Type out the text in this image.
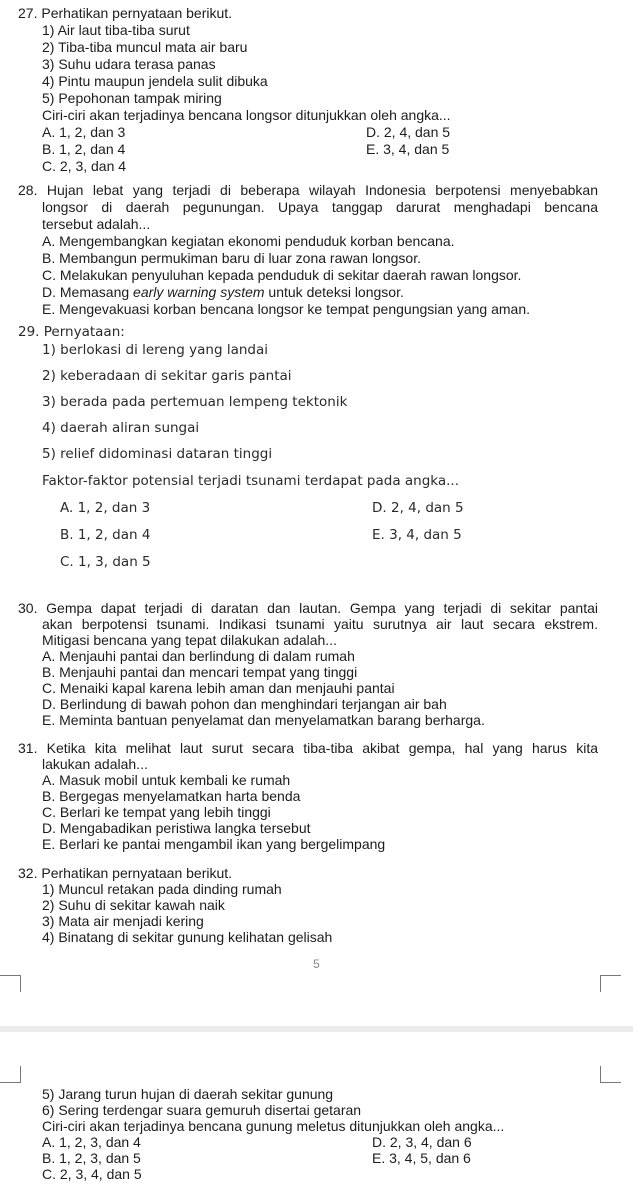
27. Perhatikan pernyataan berikut.
1) Air laut tiba-tiba surut
2) Tiba-tiba muncul mata air baru
3) Suhu udara terasa panas
4) Pintu maupun jendela sulit dibuka
5) Pepohonan tampak miring
Ciri-ciri akan terjadinya bencana longsor ditunjukkan oleh angka...
A. 1, 2, dan 3
B. 1, 2, dan 4
C. 2, 3, dan 4
D. 2, 4, dan 5
E. 3, 4, dan 5
28. Hujan lebat yang terjadi di beberapa wilayah Indonesia berpotensi menyebabkan
longsor di daerah pegunungan. Upaya tanggap darurat menghadapi bencana
tersebut adalah...
A. Mengembangkan kegiatan ekonomi penduduk korban bencana.
B. Membangun permukiman baru di luar zona rawan longsor.
C. Melakukan penyuluhan kepada penduduk di sekitar daerah rawan longsor.
D. Memasang early warning system untuk deteksi longsor.
E. Mengevakuasi korban bencana longsor ke tempat pengungsian yang aman.
29. Pernyataan:
1) berlokasi di lereng yang landai
2) keberadaan di sekitar garis pantai
3) berada pada pertemuan lempeng tektonik
4) daerah aliran sungai
5) relief didominasi dataran tinggi
Faktor-faktor potensial terjadi tsunami terdapat pada angka...
A. 1, 2, dan 3
B. 1, 2, dan 4
C. 1, 3, dan 5
D. 2, 4, dan 5
E. 3, 4, dan 5
30. Gempa dapat terjadi di daratan dan lautan. Gempa yang terjadi di sekitar pantai
akan berpotensi tsunami. Indikasi tsunami yaitu surutnya air laut secara ekstrem.
Mitigasi bencana yang tepat dilakukan adalah...
A. Menjauhi pantai dan berlindung di dalam rumah
B. Menjauhi pantai dan mencari tempat yang tinggi
C. Menaiki kapal karena lebih aman dan menjauhi pantai
D. Berlindung di bawah pohon dan menghindari terjangan air bah
E. Meminta bantuan penyelamat dan menyelamatkan barang berharga.
31. Ketika kita melihat laut surut secara tiba-tiba akibat gempa, hal yang harus kita
lakukan adalah...
A. Masuk mobil untuk kembali ke rumah
B. Bergegas menyelamatkan harta benda
C. Berlari ke tempat yang lebih tinggi
D. Mengabadikan peristiwa langka tersebut
E. Berlari ke pantai mengambil ikan yang bergelimpang
32. Perhatikan pernyataan berikut.
1) Muncul retakan pada dinding rumah
2) Suhu di sekitar kawah naik
3) Mata air menjadi kering
4) Binatang di sekitar gunung kelihatan gelisah
5
5) Jarang turun hujan di daerah sekitar gunung
6) Sering terdengar suara gemuruh disertai getaran
Ciri-ciri akan terjadinya bencana gunung meletus ditunjukkan oleh angka...
A. 1, 2, 3, dan 4
B. 1, 2, 3, dan 5
C. 2, 3, 4, dan 5
D. 2, 3, 4, dan 6
E. 3, 4, 5, dan 6
